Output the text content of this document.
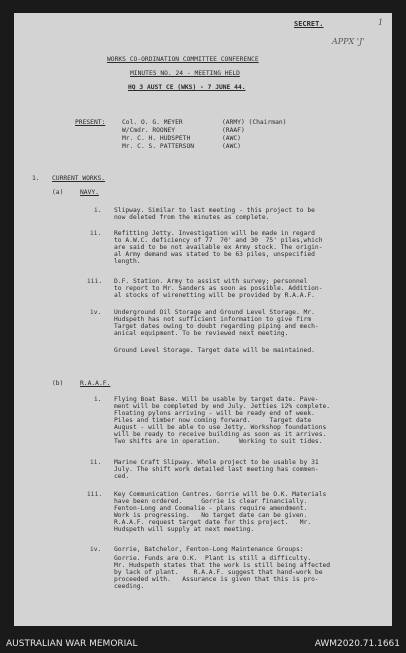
SECRET.	1
APPX 'J'
WORKS CO-ORDINATION COMMITTEE CONFERENCE
MINUTES NO. 24 - MEETING HELD
HQ 3 AUST CE (WKS) - 7 JUNE 44.
PRESENT:	Col. O. G. MEYER	(ARMY) (Chairman)
W/Cmdr. ROONEY	(RAAF)
Mr. C. H. HUDSPETH	(AWC)
Mr. C. S. PATTERSON	(AWC)
1. CURRENT WORKS.
(a)	NAVY.
i. Slipway. Similar to last meeting - this project to be
now deleted from the minutes as complete.
ii. Refitting Jetty. Investigation will be made in regard
to A.W.C. deficiency of 77  70' and 30  75' piles,which
are said to be not available ex Army stock. The origin-
al Army demand was stated to be 63 piles, unspecified
length.
iii. D.F. Station. Army to assist with survey; personnel
to report to Mr. Sanders as soon as possible. Addition-
al stocks of wirenetting will be provided by R.A.A.F.
iv. Underground Oil Storage and Ground Level Storage. Mr.
Hudspeth has not sufficient information to give firm
Target dates owing to doubt regarding piping and mech-
anical equipment. To be reviewed next meeting.
Ground Level Storage. Target date will be maintained.
(b)	R.A.A.F.
i. Flying Boat Base. Will be usable by target date. Pave-
ment will be completed by end July. Jetties 12% complete.
Floating pylons arriving - will be ready end of week.
Piles and timber now coming forward.     Target date
August - will be able to use Jetty. Workshop foundations
will be ready to receive building as soon as it arrives.
Two shifts are in operation.     Working to suit tides.
ii. Marine Craft Slipway. Whole project to be usable by 31
July. The shift work detailed last meeting has commen-
ced.
iii. Key Communication Centres. Gorrie will be O.K. Materials
have been ordered.     Gorrie is clear financially.
Fenton-Long and Coomalie - plans require amendment.
Work is progressing.   No target date can be given.
R.A.A.F. request target date for this project.   Mr.
Hudspeth will supply at next meeting.
iv. Gorrie, Batchelor, Fenton-Long Maintenance Groups:
Gorrie. Funds are O.K.  Plant is still a difficulty.
Mr. Hudspeth states that the work is still being affected
by lack of plant.    R.A.A.F. suggest that hand-work be
proceeded with.   Assurance is given that this is pro-
ceeding.
AUSTRALIAN WAR MEMORIAL	AWM2020.71.1661
